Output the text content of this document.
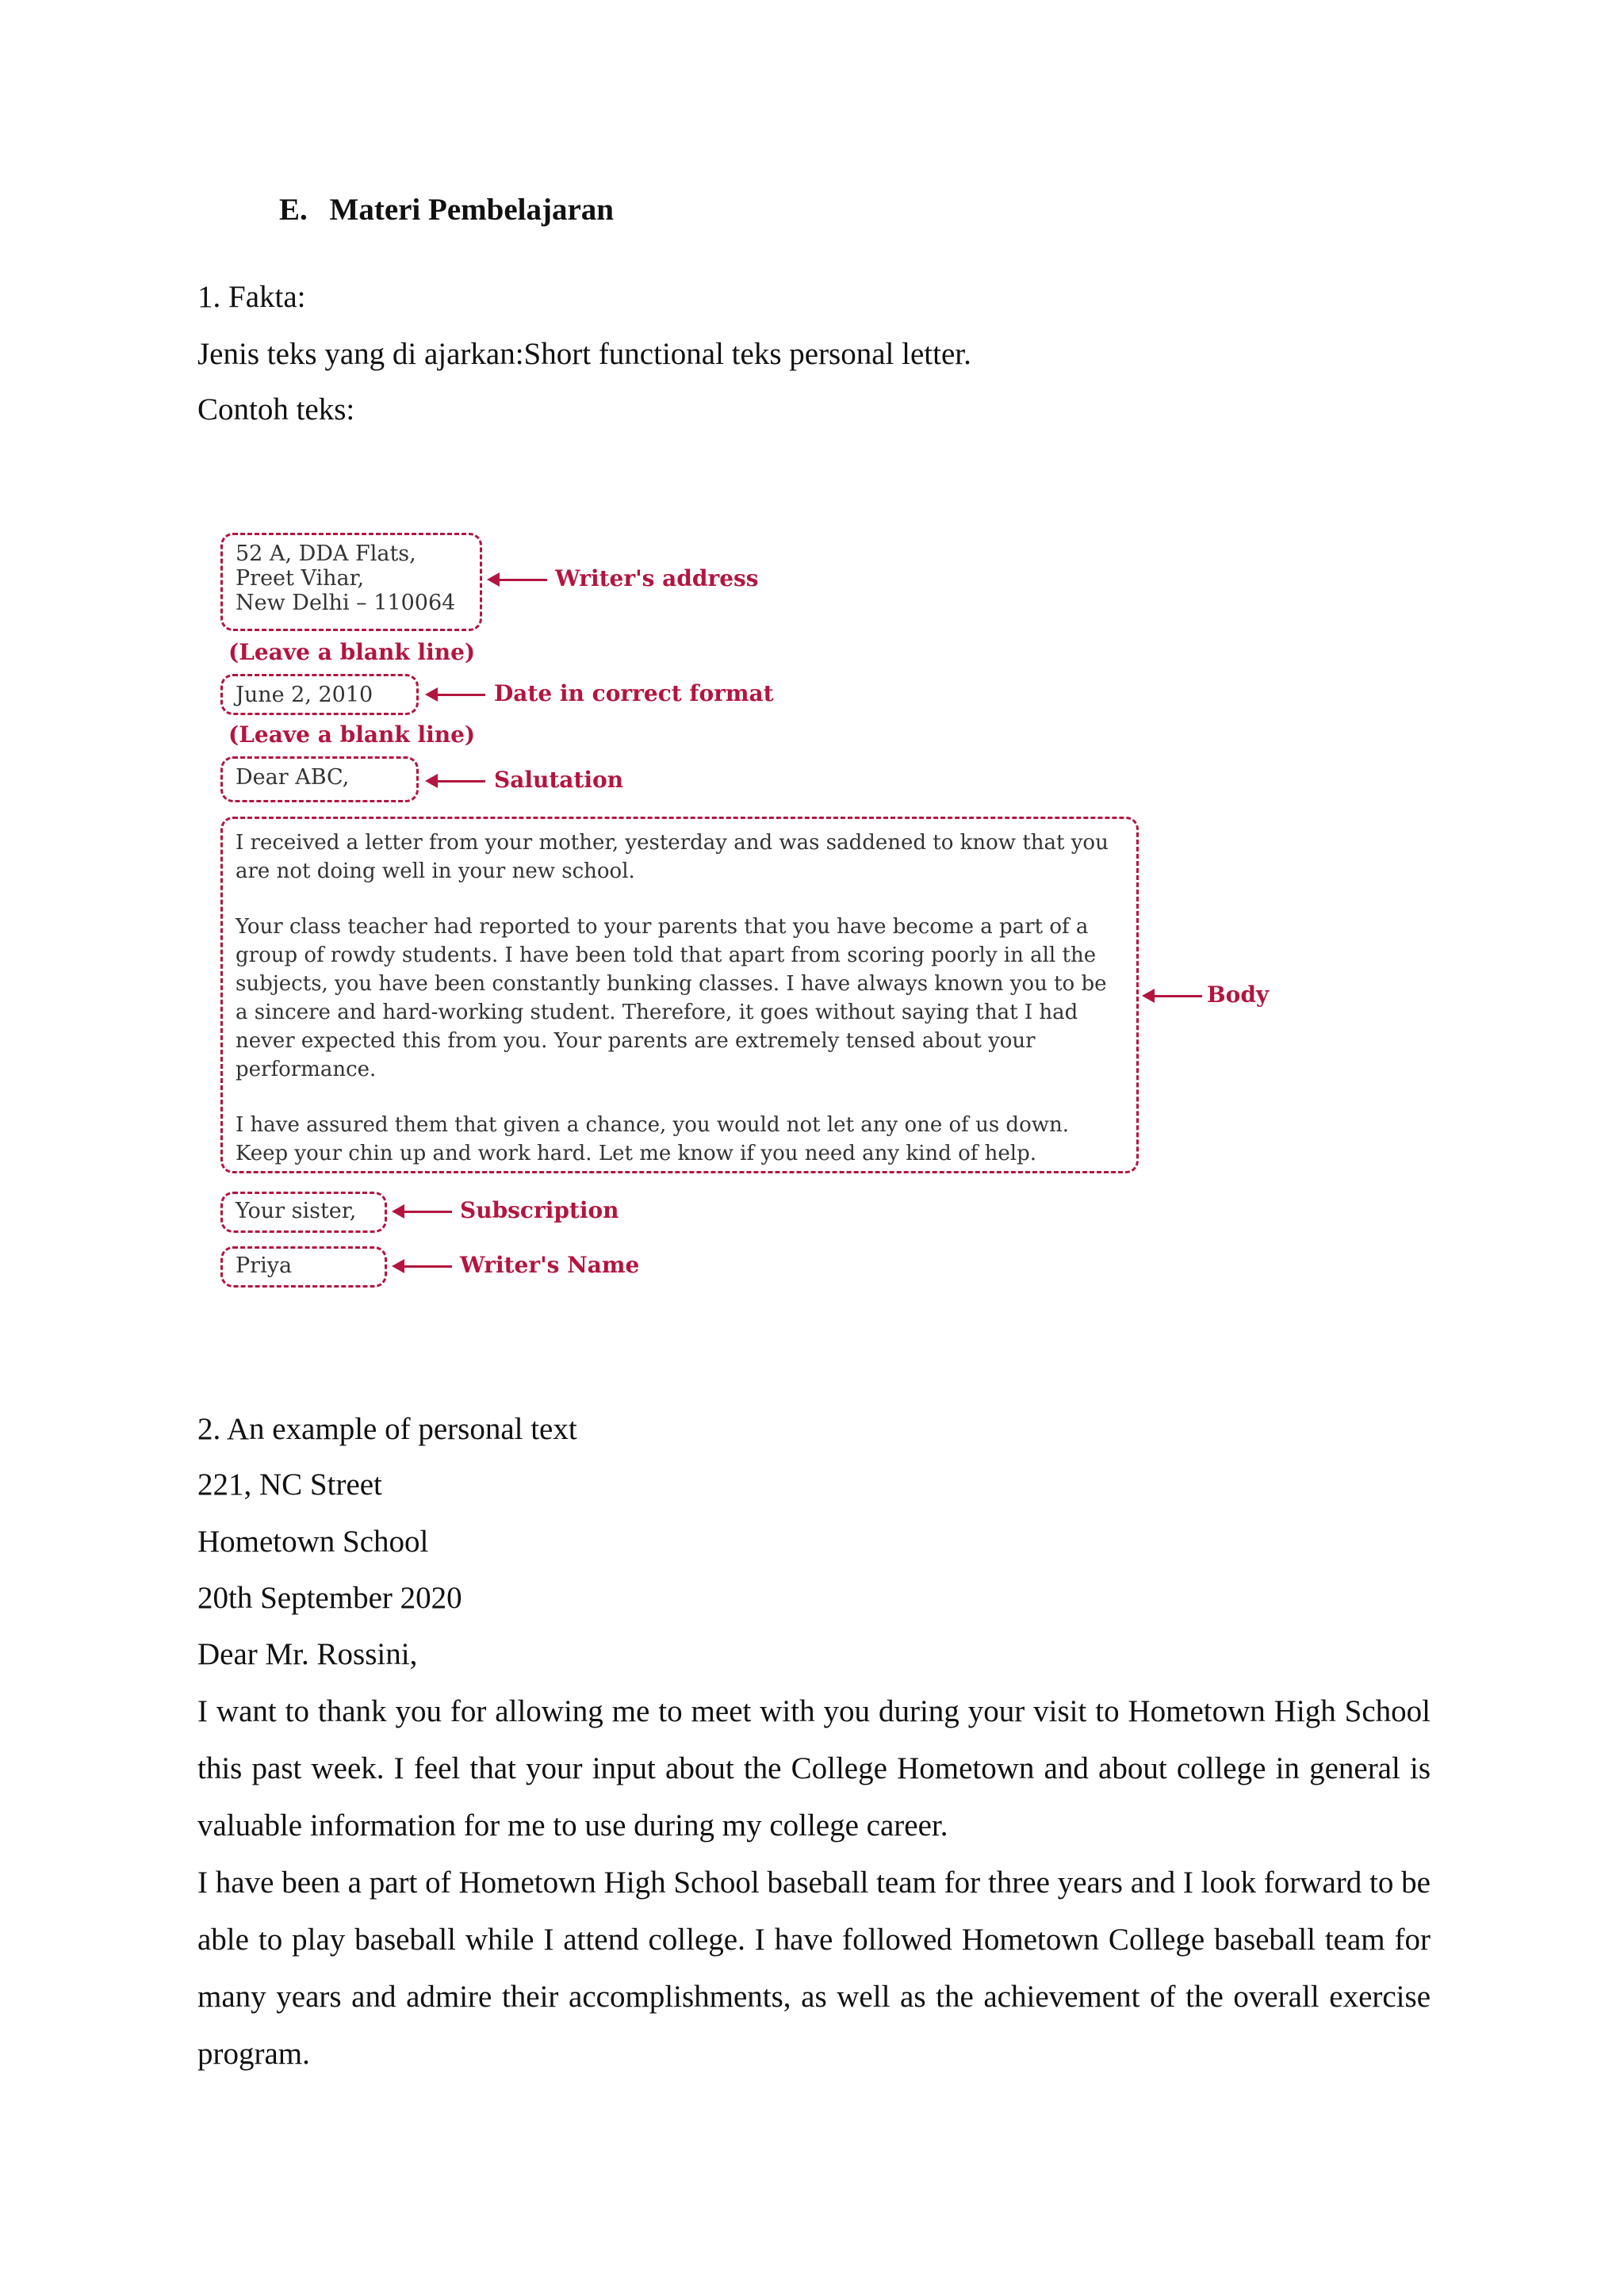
E. Materi Pembelajaran
1. Fakta:
Jenis teks yang di ajarkan:Short functional teks personal letter.
Contoh teks:
52 A, DDA Flats,
Preet Vihar,
New Delhi – 110064
Writer's address
(Leave a blank line)
June 2, 2010	Date in correct format
(Leave a blank line)
Dear ABC,	Salutation

I received a letter from your mother, yesterday and was saddened to know that you are not doing well in your new school.

Your class teacher had reported to your parents that you have become a part of a group of rowdy students. I have been told that apart from scoring poorly in all the subjects, you have been constantly bunking classes. I have always known you to be a sincere and hard-working student. Therefore, it goes without saying that I had never expected this from you. Your parents are extremely tensed about your performance.

I have assured them that given a chance, you would not let any one of us down. Keep your chin up and work hard. Let me know if you need any kind of help.

Body
Your sister,	Subscription
Priya	Writer's Name
2. An example of personal text
221, NC Street
Hometown School
20th September 2020
Dear Mr. Rossini,
I want to thank you for allowing me to meet with you during your visit to Hometown High School this past week. I feel that your input about the College Hometown and about college in general is valuable information for me to use during my college career.
I have been a part of Hometown High School baseball team for three years and I look forward to be able to play baseball while I attend college. I have followed Hometown College baseball team for many years and admire their accomplishments, as well as the achievement of the overall exercise program.
